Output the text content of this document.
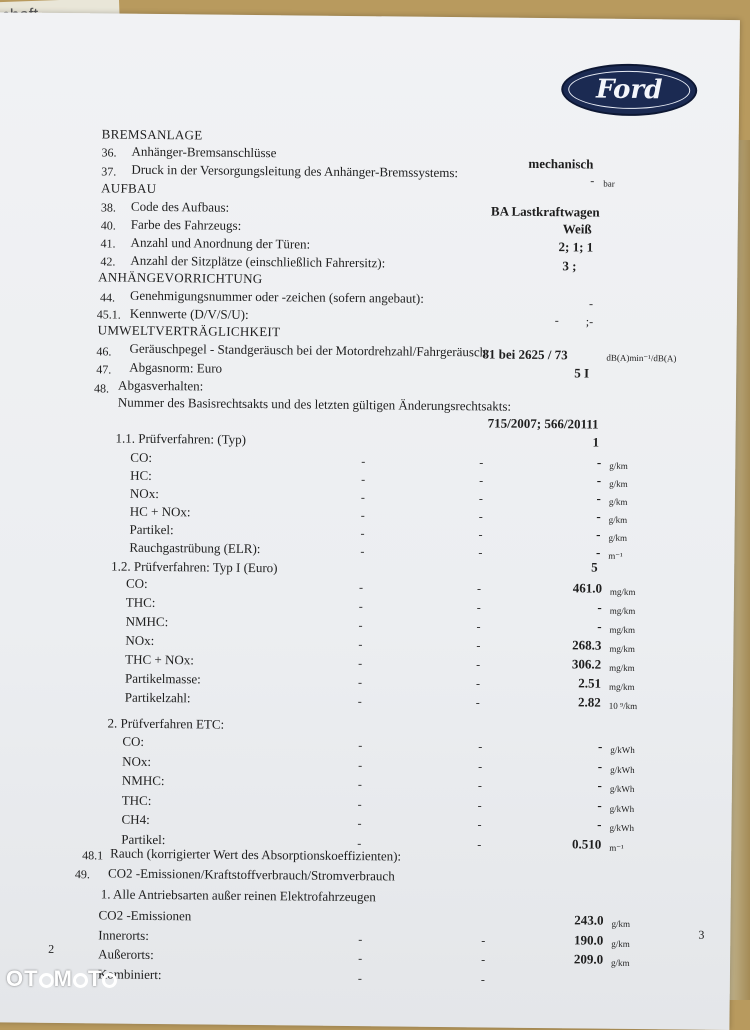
Ford
BREMSANLAGE
36. Anhänger-Bremsanschlüsse
mechanisch
37. Druck in der Versorgungsleitung des Anhänger-Bremssystems:
- bar
AUFBAU
38. Code des Aufbaus:	BA Lastkraftwagen
40. Farbe des Fahrzeugs:	Weiß
41. Anzahl und Anordnung der Türen:	2; 1; 1
42. Anzahl der Sitzplätze (einschließlich Fahrersitz):	3 ;
ANHÄNGEVORRICHTUNG
44. Genehmigungsnummer oder -zeichen (sofern angebaut):	-
45.1. Kennwerte (D/V/S/U):	- ;-
UMWELTVERTRÄGLICHKEIT
46. Geräuschpegel - Standgeräusch bei der Motordrehzahl/Fahrgeräusch:
81 bei 2625 / 73	dB(A)min⁻¹/dB(A)
47. Abgasnorm: Euro	5 I
48. Abgasverhalten:
Nummer des Basisrechtsakts und des letzten gültigen Änderungsrechtsakts:
715/2007; 566/20111
1.1. Prüfverfahren: (Typ)	1
CO:	-	-	- g/km
HC:	-	-	- g/km
NOx:	-	-	- g/km
HC + NOx:	-	-	- g/km
Partikel:	-	-	- g/km
Rauchgastrübung (ELR):	-	-	- m⁻¹
1.2. Prüfverfahren: Typ I (Euro)	5
CO:	-	-	461.0 mg/km
THC:	-	-	- mg/km
NMHC:	-	-	- mg/km
NOx:	-	-	268.3 mg/km
THC + NOx:	-	-	306.2 mg/km
Partikelmasse:	-	-	2.51 mg/km
Partikelzahl:	-	-	2.82 10 ⁹/km
2. Prüfverfahren ETC:
CO:	-	-	- g/kWh
NOx:	-	-	- g/kWh
NMHC:	-	-	- g/kWh
THC:	-	-	- g/kWh
CH4:	-	-	- g/kWh
Partikel:	-	-	0.510 m⁻¹
48.1 Rauch (korrigierter Wert des Absorptionskoeffizienten):
49. CO2 -Emissionen/Kraftstoffverbrauch/Stromverbrauch
1. Alle Antriebsarten außer reinen Elektrofahrzeugen
CO2 -Emissionen	243.0 g/km
Innerorts:	-	-	190.0 g/km
Außerorts:	-	-	209.0 g/km
Kombiniert:	-	-
2
3
OT M T
